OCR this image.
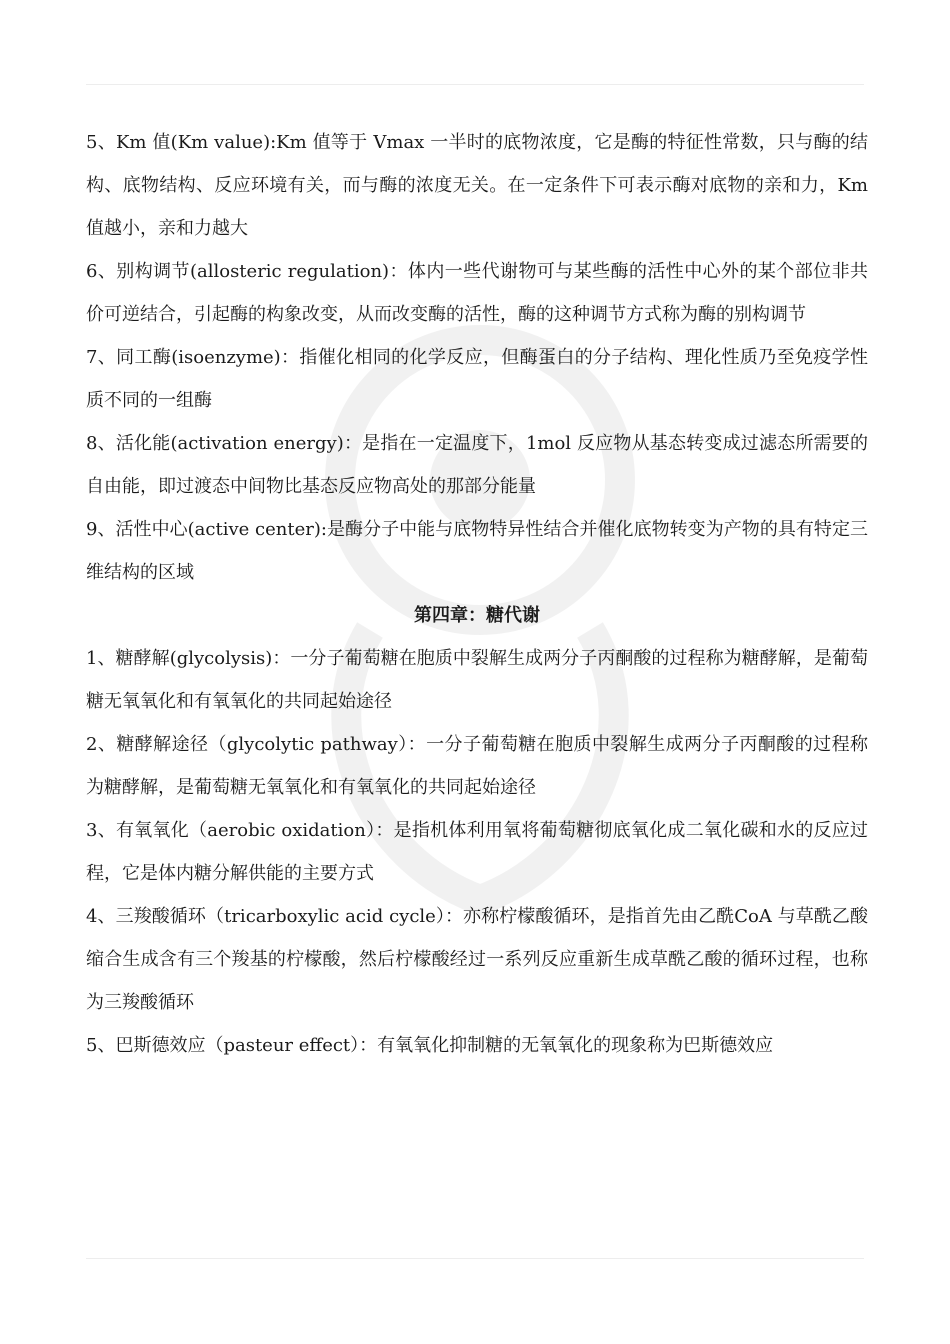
5、Km 值(Km value):Km 值等于 Vmax 一半时的底物浓度，它是酶的特征性常数，只与酶的结构、底物结构、反应环境有关，而与酶的浓度无关。在一定条件下可表示酶对底物的亲和力，Km 值越小，亲和力越大

6、别构调节(allosteric regulation)：体内一些代谢物可与某些酶的活性中心外的某个部位非共价可逆结合，引起酶的构象改变，从而改变酶的活性，酶的这种调节方式称为酶的别构调节

7、同工酶(isoenzyme)：指催化相同的化学反应，但酶蛋白的分子结构、理化性质乃至免疫学性质不同的一组酶

8、活化能(activation energy)：是指在一定温度下，1mol 反应物从基态转变成过滤态所需要的自由能，即过渡态中间物比基态反应物高处的那部分能量

9、活性中心(active center):是酶分子中能与底物特异性结合并催化底物转变为产物的具有特定三维结构的区域

第四章：糖代谢

1、糖酵解(glycolysis)：一分子葡萄糖在胞质中裂解生成两分子丙酮酸的过程称为糖酵解，是葡萄糖无氧氧化和有氧氧化的共同起始途径

2、糖酵解途径（glycolytic pathway）：一分子葡萄糖在胞质中裂解生成两分子丙酮酸的过程称为糖酵解，是葡萄糖无氧氧化和有氧氧化的共同起始途径

3、有氧氧化（aerobic oxidation）：是指机体利用氧将葡萄糖彻底氧化成二氧化碳和水的反应过程，它是体内糖分解供能的主要方式

4、三羧酸循环（tricarboxylic acid cycle）：亦称柠檬酸循环，是指首先由乙酰CoA 与草酰乙酸缩合生成含有三个羧基的柠檬酸，然后柠檬酸经过一系列反应重新生成草酰乙酸的循环过程，也称为三羧酸循环

5、巴斯德效应（pasteur effect）：有氧氧化抑制糖的无氧氧化的现象称为巴斯德效应
